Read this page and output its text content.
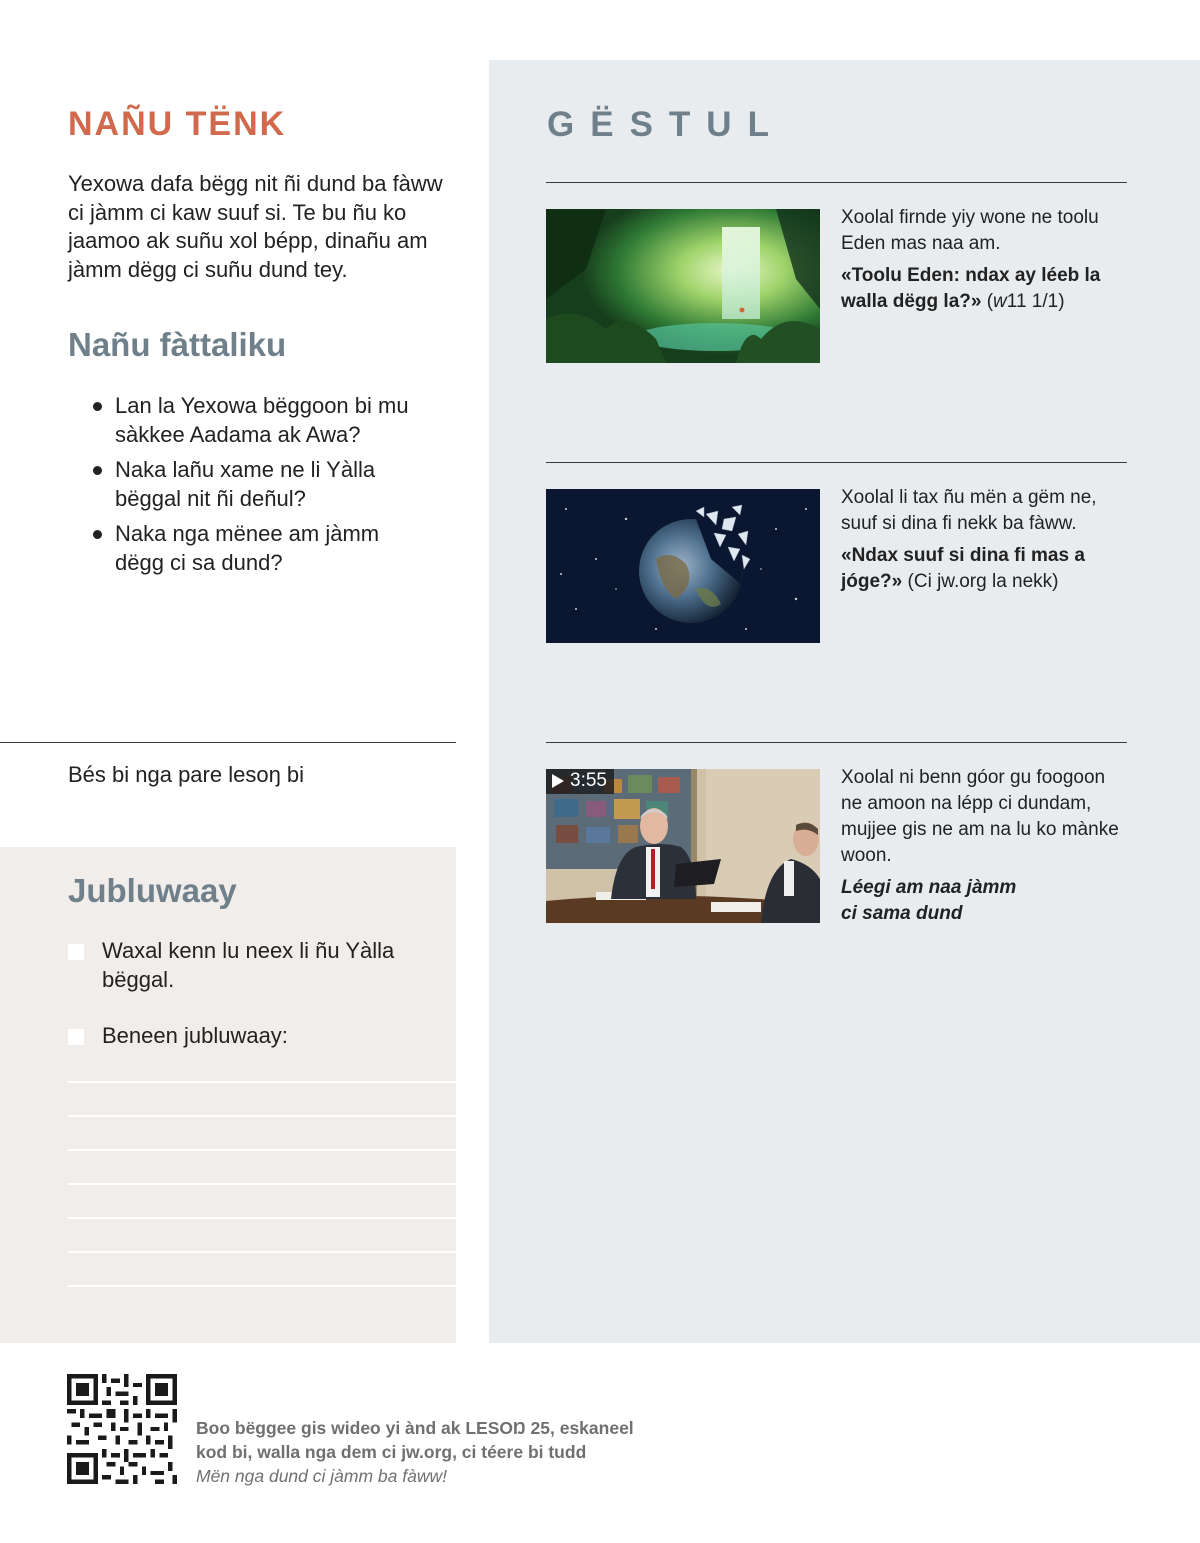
GËSTUL

Xoolal firnde yiy wone ne toolu Eden mas naa am.

«Toolu Eden: ndax ay léeb la walla dëgg la?» (w11 1/1)

Xoolal li tax ñu mën a gëm ne, suuf si dina fi nekk ba fàww.

«Ndax suuf si dina fi mas a jóge?» (Ci jw.org la nekk)

3:55	Xoolal ni benn góor gu foogoon ne amoon na lépp ci dundam, mujjee gis ne am na lu ko mànke woon.

Léegi am naa jàmm
ci sama dund

NAÑU TËNK

Yexowa dafa bëgg nit ñi dund ba fàww ci jàmm ci kaw suuf si. Te bu ñu ko jaamoo ak suñu xol bépp, dinañu am jàmm dëgg ci suñu dund tey.

Nañu fàttaliku
Lan la Yexowa bëggoon bi mu sàkkee Aadama ak Awa?
Naka lañu xame ne li Yàlla bëggal nit ñi deñul?
Naka nga mënee am jàmm dëgg ci sa dund?

Bés bi nga pare lesoŋ bi

Jubluwaay
Waxal kenn lu neex li ñu Yàlla bëggal.
Beneen jubluwaay:

Boo bëggee gis wideo yi ànd ak LESOŊ 25, eskaneel
kod bi, walla nga dem ci jw.org, ci téere bi tudd
Mën nga dund ci jàmm ba fàww!
